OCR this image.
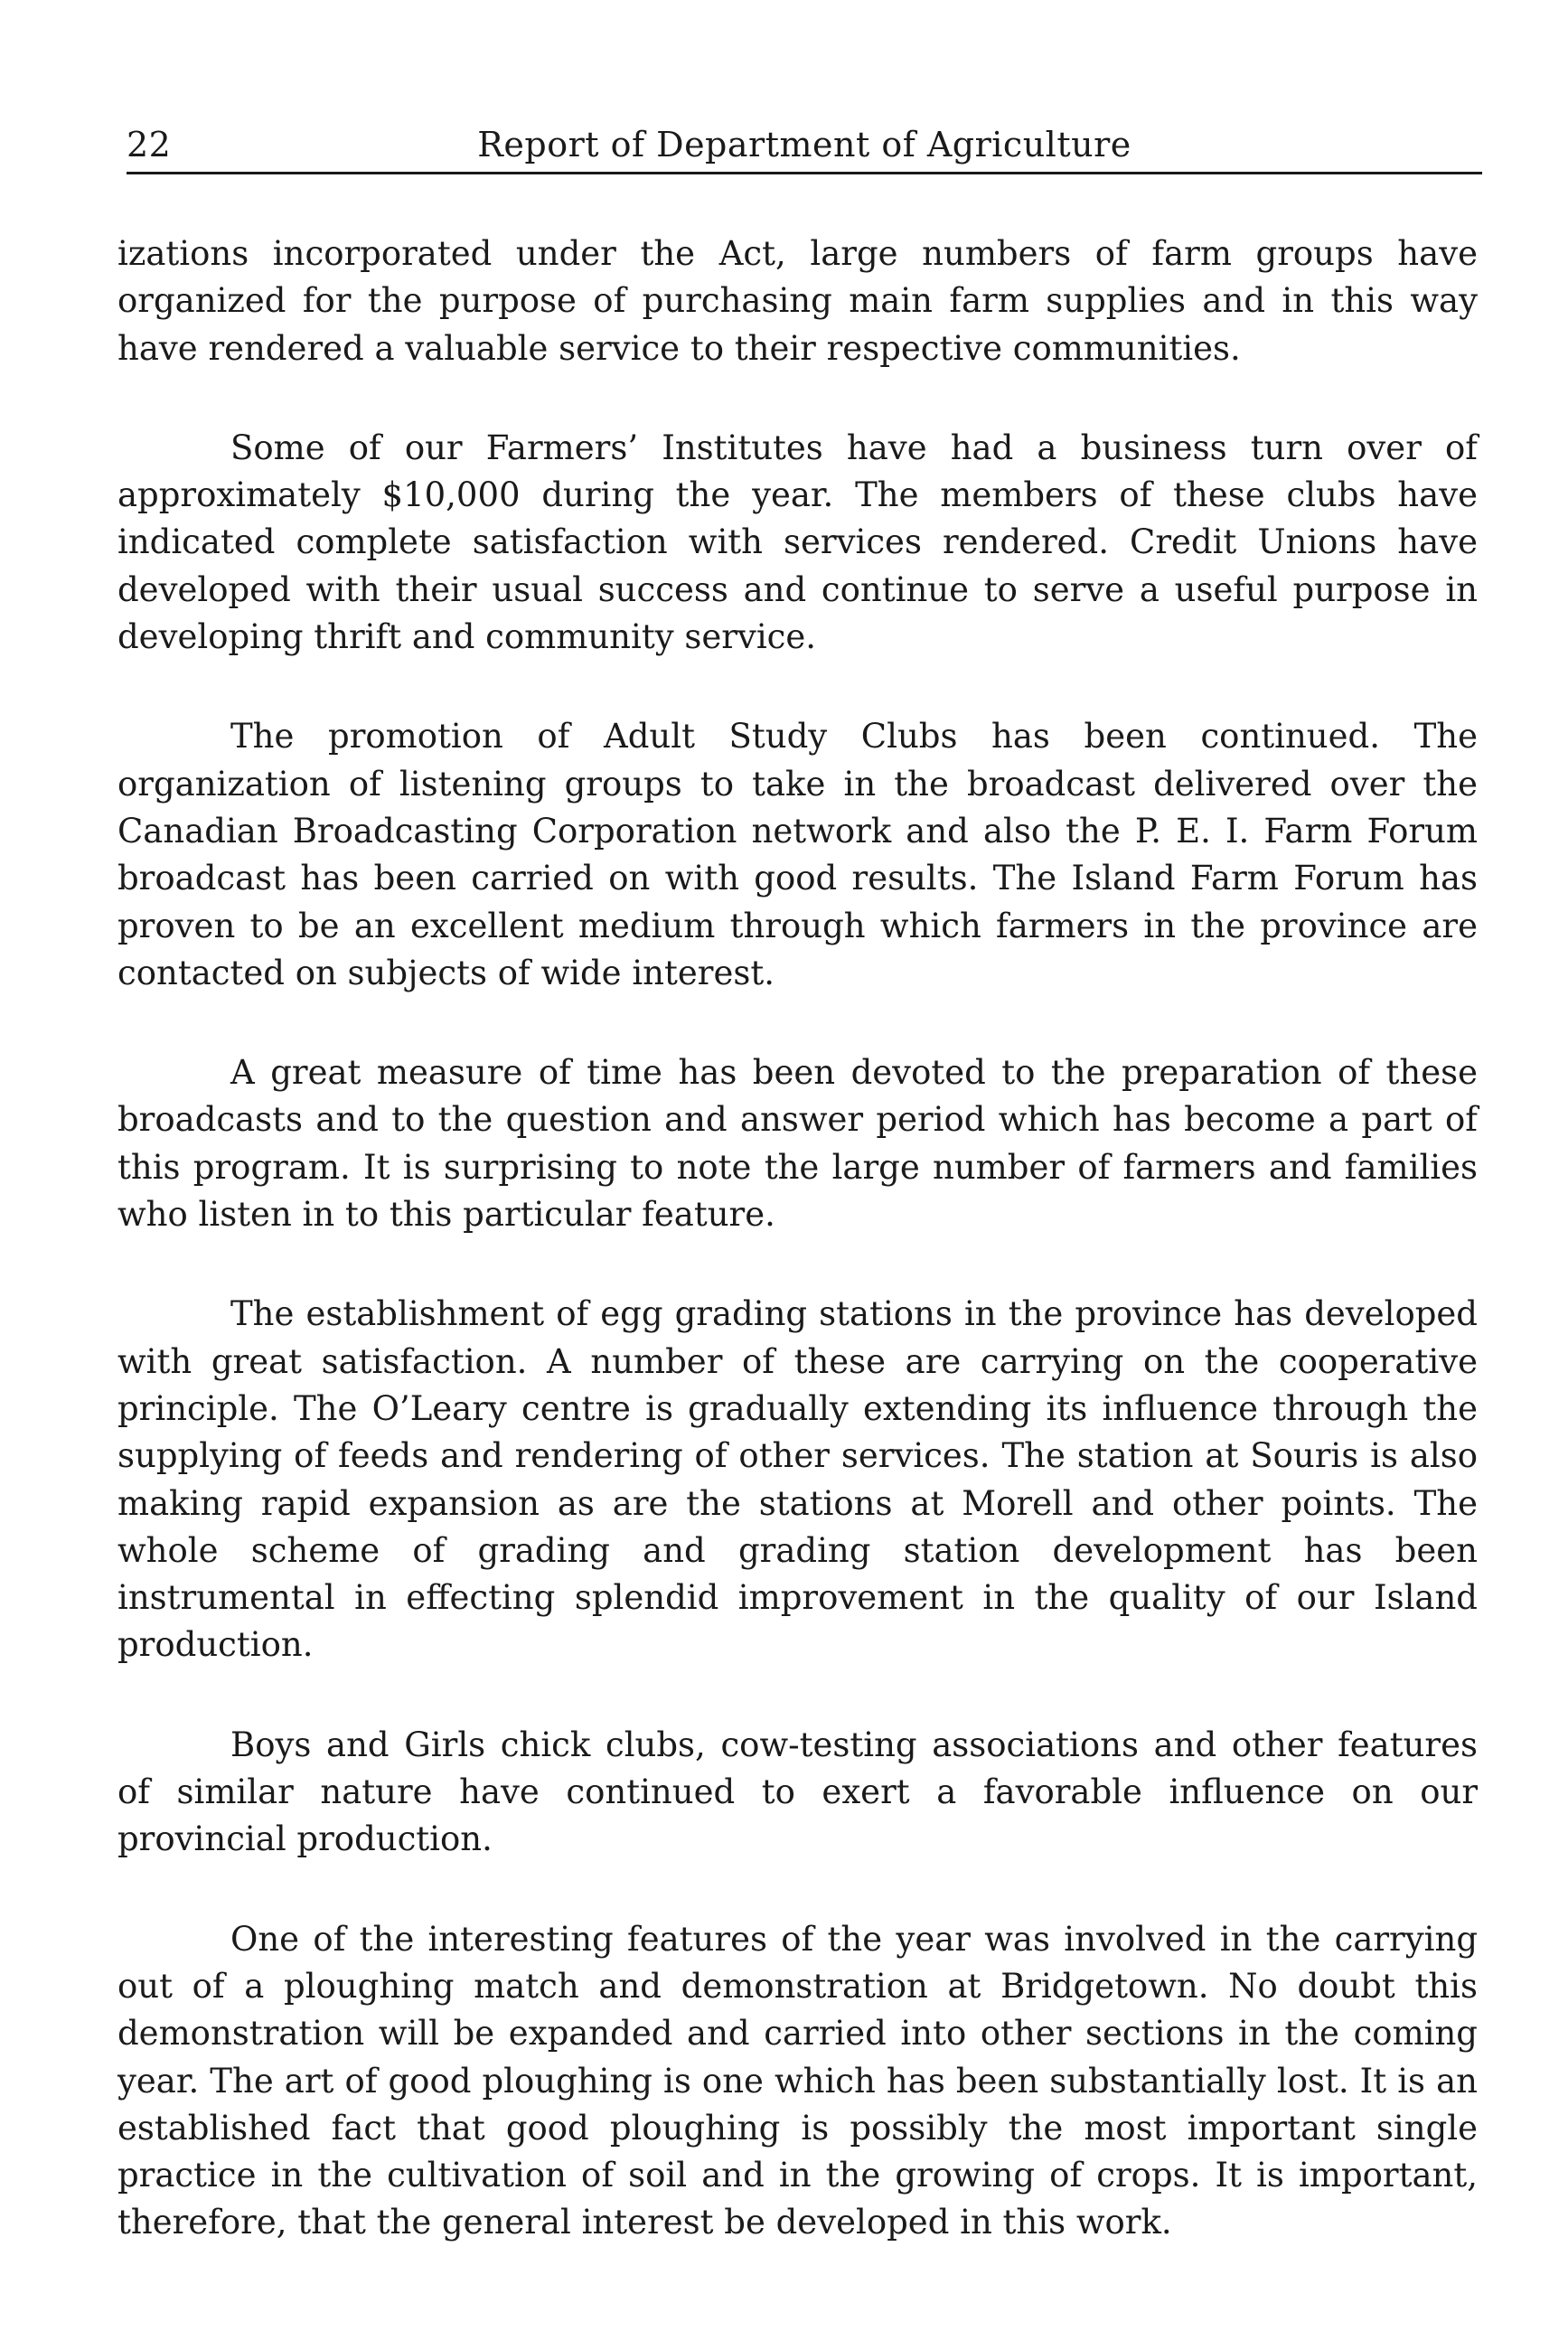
22	Report of Department of Agriculture

izations incorporated under the Act, large numbers of farm groups have organized for the purpose of purchasing main farm supplies and in this way have rendered a valuable service to their respective communities.

Some of our Farmers’ Institutes have had a business turn over of approximately $10,000 during the year. The members of these clubs have indicated complete satisfaction with services rendered. Credit Unions have developed with their usual success and continue to serve a useful purpose in developing thrift and community service.

The promotion of Adult Study Clubs has been continued. The organization of listening groups to take in the broadcast delivered over the Canadian Broadcasting Corporation network and also the P. E. I. Farm Forum broadcast has been carried on with good results. The Island Farm Forum has proven to be an excellent medium through which farmers in the province are contacted on subjects of wide interest.

A great measure of time has been devoted to the preparation of these broadcasts and to the question and answer period which has become a part of this program. It is surprising to note the large number of farmers and families who listen in to this particular feature.

The establishment of egg grading stations in the province has developed with great satisfaction. A number of these are carrying on the cooperative principle. The O’Leary centre is gradually extending its influence through the supplying of feeds and rendering of other services. The station at Souris is also making rapid expansion as are the stations at Morell and other points. The whole scheme of grading and grading station development has been instrumental in effecting splendid improvement in the quality of our Island production.

Boys and Girls chick clubs, cow-testing associations and other features of similar nature have continued to exert a favorable influence on our provincial production.

One of the interesting features of the year was involved in the carrying out of a ploughing match and demonstration at Bridgetown. No doubt this demonstration will be expanded and carried into other sections in the coming year. The art of good ploughing is one which has been substantially lost. It is an established fact that good ploughing is possibly the most important single practice in the cultivation of soil and in the growing of crops. It is important, therefore, that the general interest be developed in this work.
